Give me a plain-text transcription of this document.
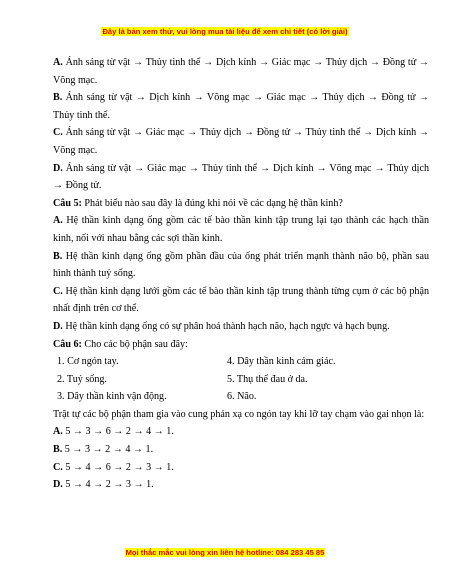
Đây là bản xem thử, vui lòng mua tài liệu để xem chi tiết (có lời giải)

A. Ánh sáng từ vật → Thủy tinh thể → Dịch kính → Giác mạc → Thủy dịch → Đồng tử → Võng mạc.

B. Ánh sáng từ vật → Dịch kính → Võng mạc → Giác mạc → Thủy dịch → Đồng tử → Thủy tinh thể.

C. Ánh sáng từ vật → Giác mạc → Thủy dịch → Đồng tử → Thủy tinh thể → Dịch kính → Võng mạc.

D. Ánh sáng từ vật → Giác mạc → Thủy tinh thể → Dịch kính → Võng mạc → Thủy dịch → Đồng tử.

Câu 5: Phát biểu nào sau đây là đúng khi nói về các dạng hệ thần kinh?

A. Hệ thần kinh dạng ống gồm các tế bào thần kinh tập trung lại tạo thành các hạch thần kinh, nối với nhau bằng các sợi thần kinh.

B. Hệ thần kinh dạng ống gồm phần đầu của ống phát triển mạnh thành não bộ, phần sau hình thành tuỷ sống.

C. Hệ thần kinh dạng lưới gồm các tế bào thần kinh tập trung thành từng cụm ở các bộ phận nhất định trên cơ thể.

D. Hệ thần kinh dạng ống có sự phân hoá thành hạch não, hạch ngực và hạch bụng.

Câu 6: Cho các bộ phận sau đây:

1. Cơ ngón tay.	4. Dây thần kinh cảm giác.
2. Tuỷ sống.	5. Thụ thể đau ở da.
3. Dây thần kinh vận động.	6. Não.

Trật tự các bộ phận tham gia vào cung phản xạ co ngón tay khi lỡ tay chạm vào gai nhọn là:

A. 5 → 3 → 6 → 2 → 4 → 1.

B. 5 → 3 → 2 → 4 → 1.

C. 5 → 4 → 6 → 2 → 3 → 1.

D. 5 → 4 → 2 → 3 → 1.

Mọi thắc mắc vui lòng xin liên hệ hotline: 084 283 45 85
